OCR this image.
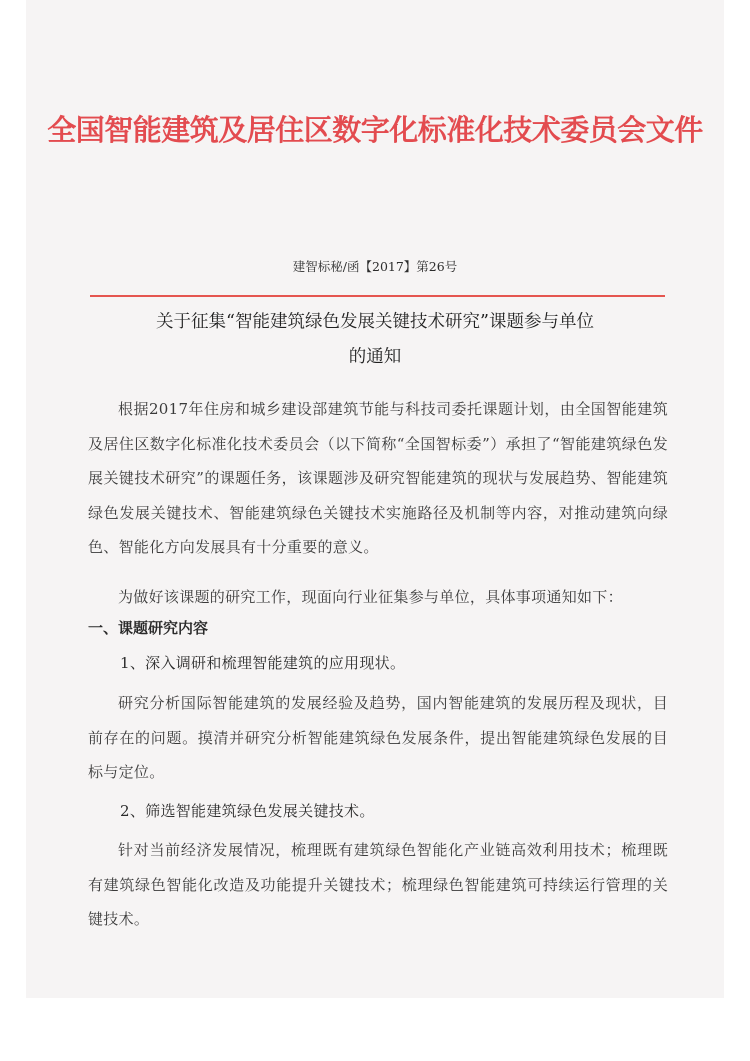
全国智能建筑及居住区数字化标准化技术委员会文件
建智标秘/函【2017】第26号
关于征集“智能建筑绿色发展关键技术研究”课题参与单位
的通知
根据2017年住房和城乡建设部建筑节能与科技司委托课题计划，由全国智能建筑及居住区数字化标准化技术委员会（以下简称“全国智标委”）承担了“智能建筑绿色发展关键技术研究”的课题任务，该课题涉及研究智能建筑的现状与发展趋势、智能建筑绿色发展关键技术、智能建筑绿色关键技术实施路径及机制等内容，对推动建筑向绿色、智能化方向发展具有十分重要的意义。
为做好该课题的研究工作，现面向行业征集参与单位，具体事项通知如下：
一、课题研究内容
1、深入调研和梳理智能建筑的应用现状。
研究分析国际智能建筑的发展经验及趋势，国内智能建筑的发展历程及现状，目前存在的问题。摸清并研究分析智能建筑绿色发展条件，提出智能建筑绿色发展的目标与定位。
2、筛选智能建筑绿色发展关键技术。
针对当前经济发展情况，梳理既有建筑绿色智能化产业链高效利用技术；梳理既有建筑绿色智能化改造及功能提升关键技术；梳理绿色智能建筑可持续运行管理的关键技术。
